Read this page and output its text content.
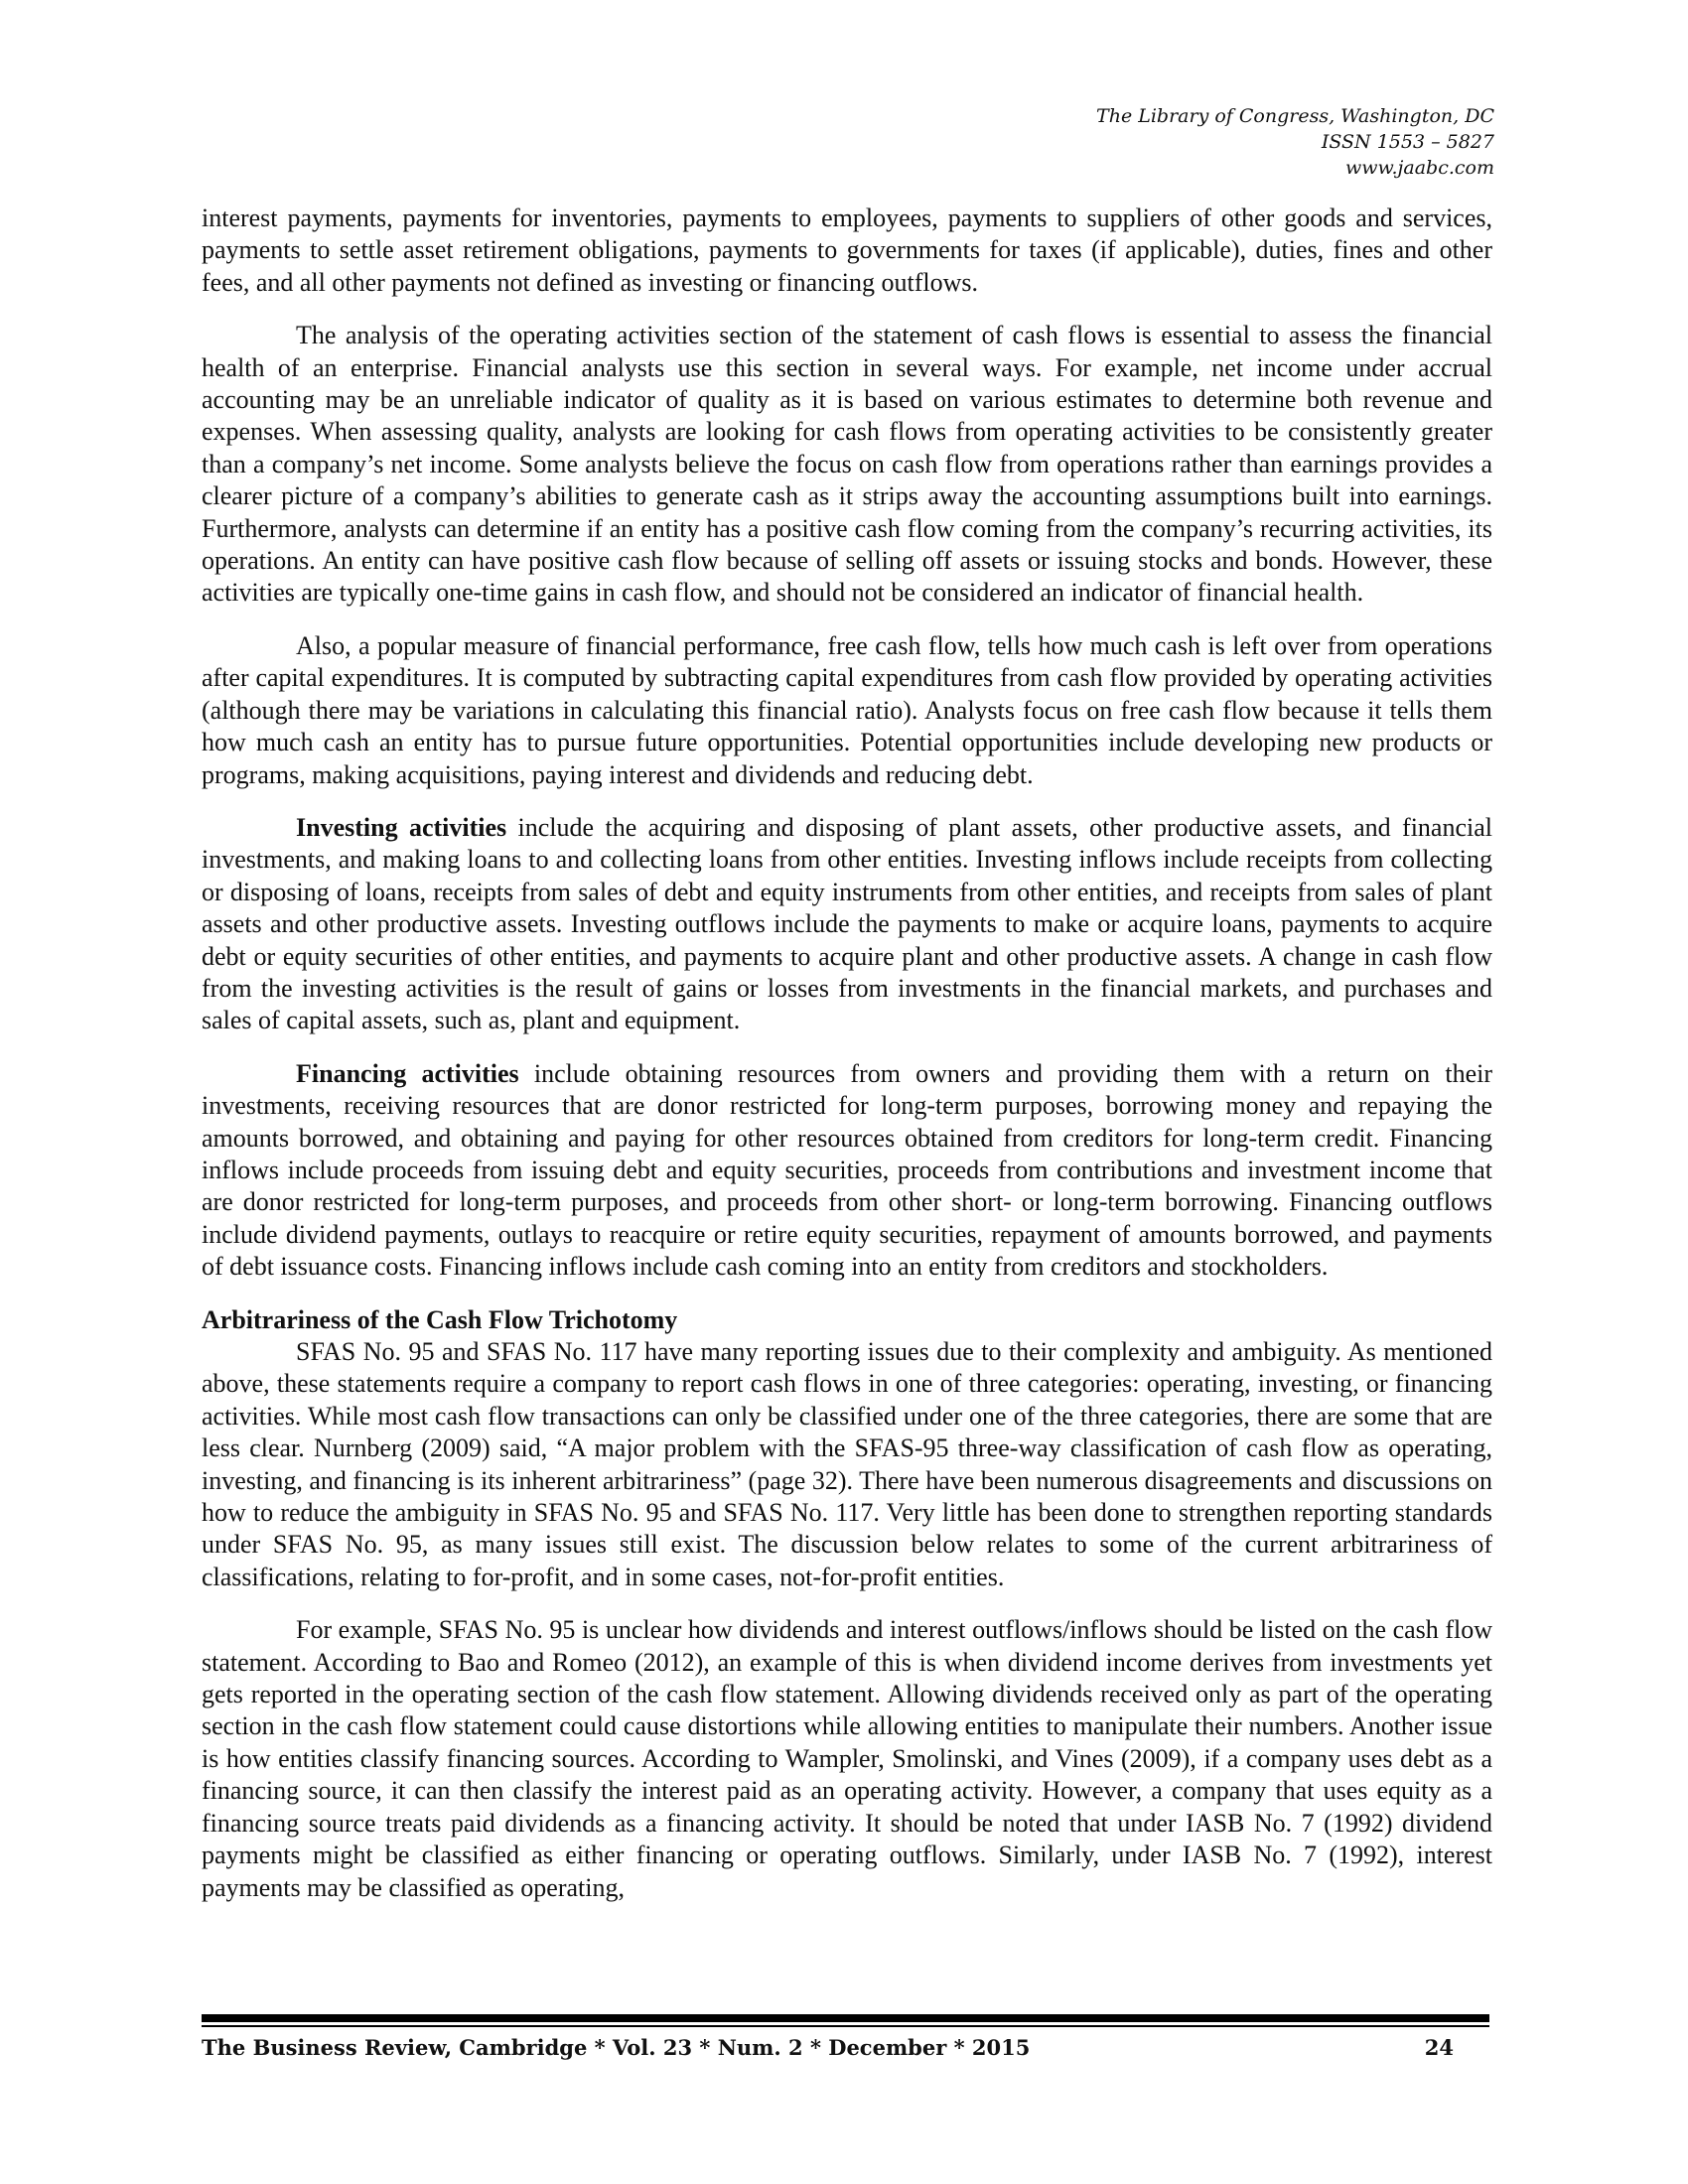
The Library of Congress, Washington, DC
ISSN 1553 – 5827
www.jaabc.com

interest payments, payments for inventories, payments to employees, payments to suppliers of other goods and services, payments to settle asset retirement obligations, payments to governments for taxes (if applicable), duties, fines and other fees, and all other payments not defined as investing or financing outflows.

The analysis of the operating activities section of the statement of cash flows is essential to assess the financial health of an enterprise. Financial analysts use this section in several ways. For example, net income under accrual accounting may be an unreliable indicator of quality as it is based on various estimates to determine both revenue and expenses. When assessing quality, analysts are looking for cash flows from operating activities to be consistently greater than a company’s net income. Some analysts believe the focus on cash flow from operations rather than earnings provides a clearer picture of a company’s abilities to generate cash as it strips away the accounting assumptions built into earnings. Furthermore, analysts can determine if an entity has a positive cash flow coming from the company’s recurring activities, its operations. An entity can have positive cash flow because of selling off assets or issuing stocks and bonds. However, these activities are typically one-time gains in cash flow, and should not be considered an indicator of financial health.

Also, a popular measure of financial performance, free cash flow, tells how much cash is left over from operations after capital expenditures. It is computed by subtracting capital expenditures from cash flow provided by operating activities (although there may be variations in calculating this financial ratio). Analysts focus on free cash flow because it tells them how much cash an entity has to pursue future opportunities. Potential opportunities include developing new products or programs, making acquisitions, paying interest and dividends and reducing debt.

Investing activities include the acquiring and disposing of plant assets, other productive assets, and financial investments, and making loans to and collecting loans from other entities. Investing inflows include receipts from collecting or disposing of loans, receipts from sales of debt and equity instruments from other entities, and receipts from sales of plant assets and other productive assets. Investing outflows include the payments to make or acquire loans, payments to acquire debt or equity securities of other entities, and payments to acquire plant and other productive assets. A change in cash flow from the investing activities is the result of gains or losses from investments in the financial markets, and purchases and sales of capital assets, such as, plant and equipment.

Financing activities include obtaining resources from owners and providing them with a return on their investments, receiving resources that are donor restricted for long-term purposes, borrowing money and repaying the amounts borrowed, and obtaining and paying for other resources obtained from creditors for long-term credit. Financing inflows include proceeds from issuing debt and equity securities, proceeds from contributions and investment income that are donor restricted for long-term purposes, and proceeds from other short- or long-term borrowing. Financing outflows include dividend payments, outlays to reacquire or retire equity securities, repayment of amounts borrowed, and payments of debt issuance costs. Financing inflows include cash coming into an entity from creditors and stockholders.

Arbitrariness of the Cash Flow Trichotomy

SFAS No. 95 and SFAS No. 117 have many reporting issues due to their complexity and ambiguity. As mentioned above, these statements require a company to report cash flows in one of three categories: operating, investing, or financing activities. While most cash flow transactions can only be classified under one of the three categories, there are some that are less clear. Nurnberg (2009) said, “A major problem with the SFAS-95 three-way classification of cash flow as operating, investing, and financing is its inherent arbitrariness” (page 32). There have been numerous disagreements and discussions on how to reduce the ambiguity in SFAS No. 95 and SFAS No. 117. Very little has been done to strengthen reporting standards under SFAS No. 95, as many issues still exist. The discussion below relates to some of the current arbitrariness of classifications, relating to for-profit, and in some cases, not-for-profit entities.

For example, SFAS No. 95 is unclear how dividends and interest outflows/inflows should be listed on the cash flow statement. According to Bao and Romeo (2012), an example of this is when dividend income derives from investments yet gets reported in the operating section of the cash flow statement. Allowing dividends received only as part of the operating section in the cash flow statement could cause distortions while allowing entities to manipulate their numbers. Another issue is how entities classify financing sources. According to Wampler, Smolinski, and Vines (2009), if a company uses debt as a financing source, it can then classify the interest paid as an operating activity. However, a company that uses equity as a financing source treats paid dividends as a financing activity. It should be noted that under IASB No. 7 (1992) dividend payments might be classified as either financing or operating outflows. Similarly, under IASB No. 7 (1992), interest payments may be classified as operating,

The Business Review, Cambridge * Vol. 23 * Num. 2 * December * 2015	24
